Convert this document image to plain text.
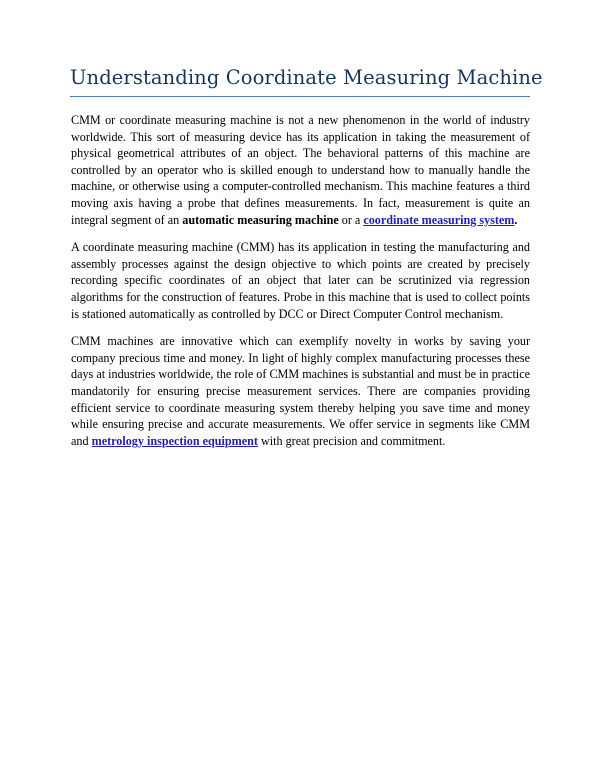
Understanding Coordinate Measuring Machine

CMM or coordinate measuring machine is not a new phenomenon in the world of industry worldwide. This sort of measuring device has its application in taking the measurement of physical geometrical attributes of an object. The behavioral patterns of this machine are controlled by an operator who is skilled enough to understand how to manually handle the machine, or otherwise using a computer-controlled mechanism. This machine features a third moving axis having a probe that defines measurements. In fact, measurement is quite an integral segment of an automatic measuring machine or a coordinate measuring system.

A coordinate measuring machine (CMM) has its application in testing the manufacturing and assembly processes against the design objective to which points are created by precisely recording specific coordinates of an object that later can be scrutinized via regression algorithms for the construction of features. Probe in this machine that is used to collect points is stationed automatically as controlled by DCC or Direct Computer Control mechanism.

CMM machines are innovative which can exemplify novelty in works by saving your company precious time and money. In light of highly complex manufacturing processes these days at industries worldwide, the role of CMM machines is substantial and must be in practice mandatorily for ensuring precise measurement services. There are companies providing efficient service to coordinate measuring system thereby helping you save time and money while ensuring precise and accurate measurements. We offer service in segments like CMM and metrology inspection equipment with great precision and commitment.
